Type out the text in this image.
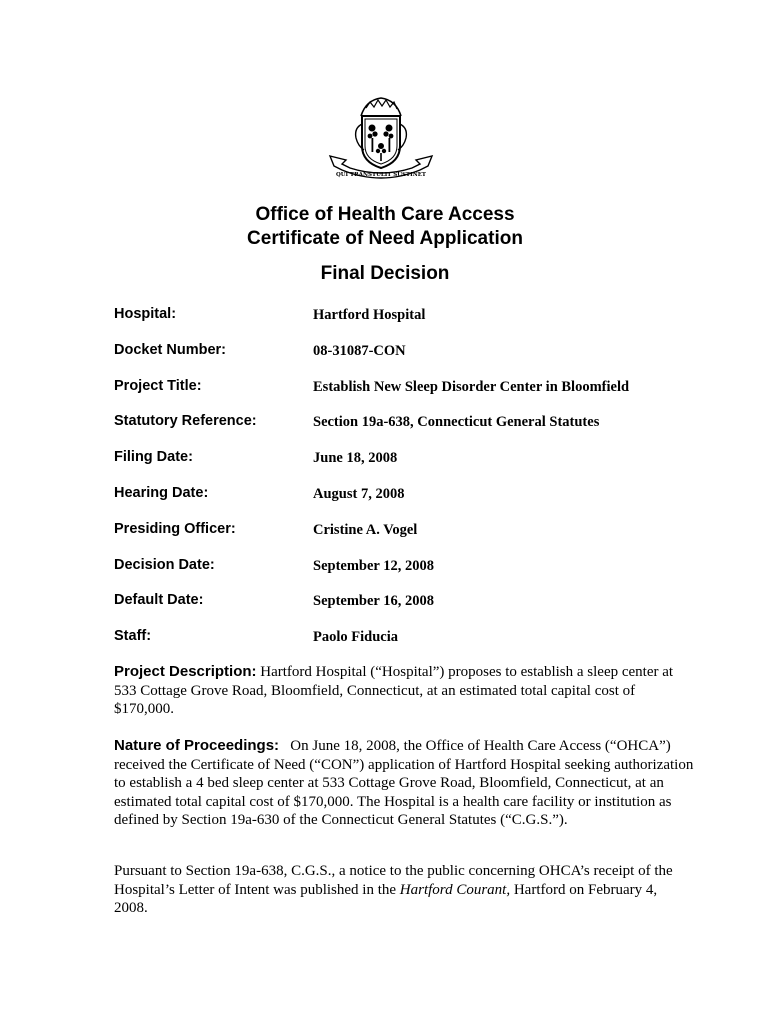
QUI TRANSTULIT SUSTINET
Office of Health Care Access
Certificate of Need Application
Final Decision
Hospital:	Hartford Hospital
Docket Number:	08-31087-CON
Project Title:	Establish New Sleep Disorder Center in Bloomfield
Statutory Reference:	Section 19a-638, Connecticut General Statutes
Filing Date:	June 18, 2008
Hearing Date:	August 7, 2008
Presiding Officer:	Cristine A. Vogel
Decision Date:	September 12, 2008
Default Date:	September 16, 2008
Staff:	Paolo Fiducia
Project Description: Hartford Hospital (“Hospital”) proposes to establish a sleep center at 533 Cottage Grove Road, Bloomfield, Connecticut, at an estimated total capital cost of $170,000.
Nature of Proceedings: On June 18, 2008, the Office of Health Care Access (“OHCA”) received the Certificate of Need (“CON”) application of Hartford Hospital seeking authorization to establish a 4 bed sleep center at 533 Cottage Grove Road, Bloomfield, Connecticut, at an estimated total capital cost of $170,000. The Hospital is a health care facility or institution as defined by Section 19a-630 of the Connecticut General Statutes (“C.G.S.”).
Pursuant to Section 19a-638, C.G.S., a notice to the public concerning OHCA’s receipt of the Hospital’s Letter of Intent was published in the Hartford Courant, Hartford on February 4, 2008.
